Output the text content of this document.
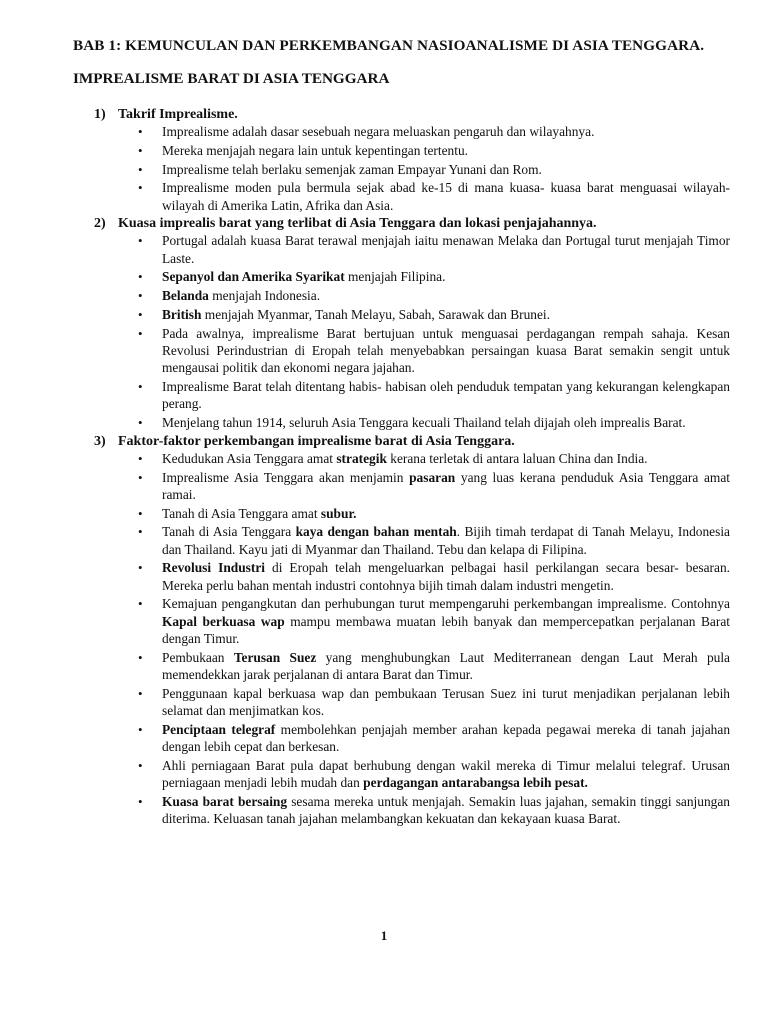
BAB 1: KEMUNCULAN DAN PERKEMBANGAN NASIOANALISME DI ASIA TENGGARA.
IMPREALISME BARAT DI ASIA TENGGARA
1) Takrif Imprealisme.
• Imprealisme adalah dasar sesebuah negara meluaskan pengaruh dan wilayahnya.
• Mereka menjajah negara lain untuk kepentingan tertentu.
• Imprealisme telah berlaku semenjak zaman Empayar Yunani dan Rom.
• Imprealisme moden pula bermula sejak abad ke-15 di mana kuasa- kuasa barat menguasai wilayah- wilayah di Amerika Latin, Afrika dan Asia.
2) Kuasa imprealis barat yang terlibat di Asia Tenggara dan lokasi penjajahannya.
• Portugal adalah kuasa Barat terawal menjajah iaitu menawan Melaka dan Portugal turut menjajah Timor Laste.
• Sepanyol dan Amerika Syarikat menjajah Filipina.
• Belanda menjajah Indonesia.
• British menjajah Myanmar, Tanah Melayu, Sabah, Sarawak dan Brunei.
• Pada awalnya, imprealisme Barat bertujuan untuk menguasai perdagangan rempah sahaja. Kesan Revolusi Perindustrian di Eropah telah menyebabkan persaingan kuasa Barat semakin sengit untuk mengausai politik dan ekonomi negara jajahan.
• Imprealisme Barat telah ditentang habis- habisan oleh penduduk tempatan yang kekurangan kelengkapan perang.
• Menjelang tahun 1914, seluruh Asia Tenggara kecuali Thailand telah dijajah oleh imprealis Barat.
3) Faktor-faktor perkembangan imprealisme barat di Asia Tenggara.
• Kedudukan Asia Tenggara amat strategik kerana terletak di antara laluan China dan India.
• Imprealisme Asia Tenggara akan menjamin pasaran yang luas kerana penduduk Asia Tenggara amat ramai.
• Tanah di Asia Tenggara amat subur.
• Tanah di Asia Tenggara kaya dengan bahan mentah. Bijih timah terdapat di Tanah Melayu, Indonesia dan Thailand. Kayu jati di Myanmar dan Thailand. Tebu dan kelapa di Filipina.
• Revolusi Industri di Eropah telah mengeluarkan pelbagai hasil perkilangan secara besar- besaran. Mereka perlu bahan mentah industri contohnya bijih timah dalam industri mengetin.
• Kemajuan pengangkutan dan perhubungan turut mempengaruhi perkembangan imprealisme. Contohnya Kapal berkuasa wap mampu membawa muatan lebih banyak dan mempercepatkan perjalanan Barat dengan Timur.
• Pembukaan Terusan Suez yang menghubungkan Laut Mediterranean dengan Laut Merah pula memendekkan jarak perjalanan di antara Barat dan Timur.
• Penggunaan kapal berkuasa wap dan pembukaan Terusan Suez ini turut menjadikan perjalanan lebih selamat dan menjimatkan kos.
• Penciptaan telegraf membolehkan penjajah member arahan kepada pegawai mereka di tanah jajahan dengan lebih cepat dan berkesan.
• Ahli perniagaan Barat pula dapat berhubung dengan wakil mereka di Timur melalui telegraf. Urusan perniagaan menjadi lebih mudah dan perdagangan antarabangsa lebih pesat.
• Kuasa barat bersaing sesama mereka untuk menjajah. Semakin luas jajahan, semakin tinggi sanjungan diterima. Keluasan tanah jajahan melambangkan kekuatan dan kekayaan kuasa Barat.
1
